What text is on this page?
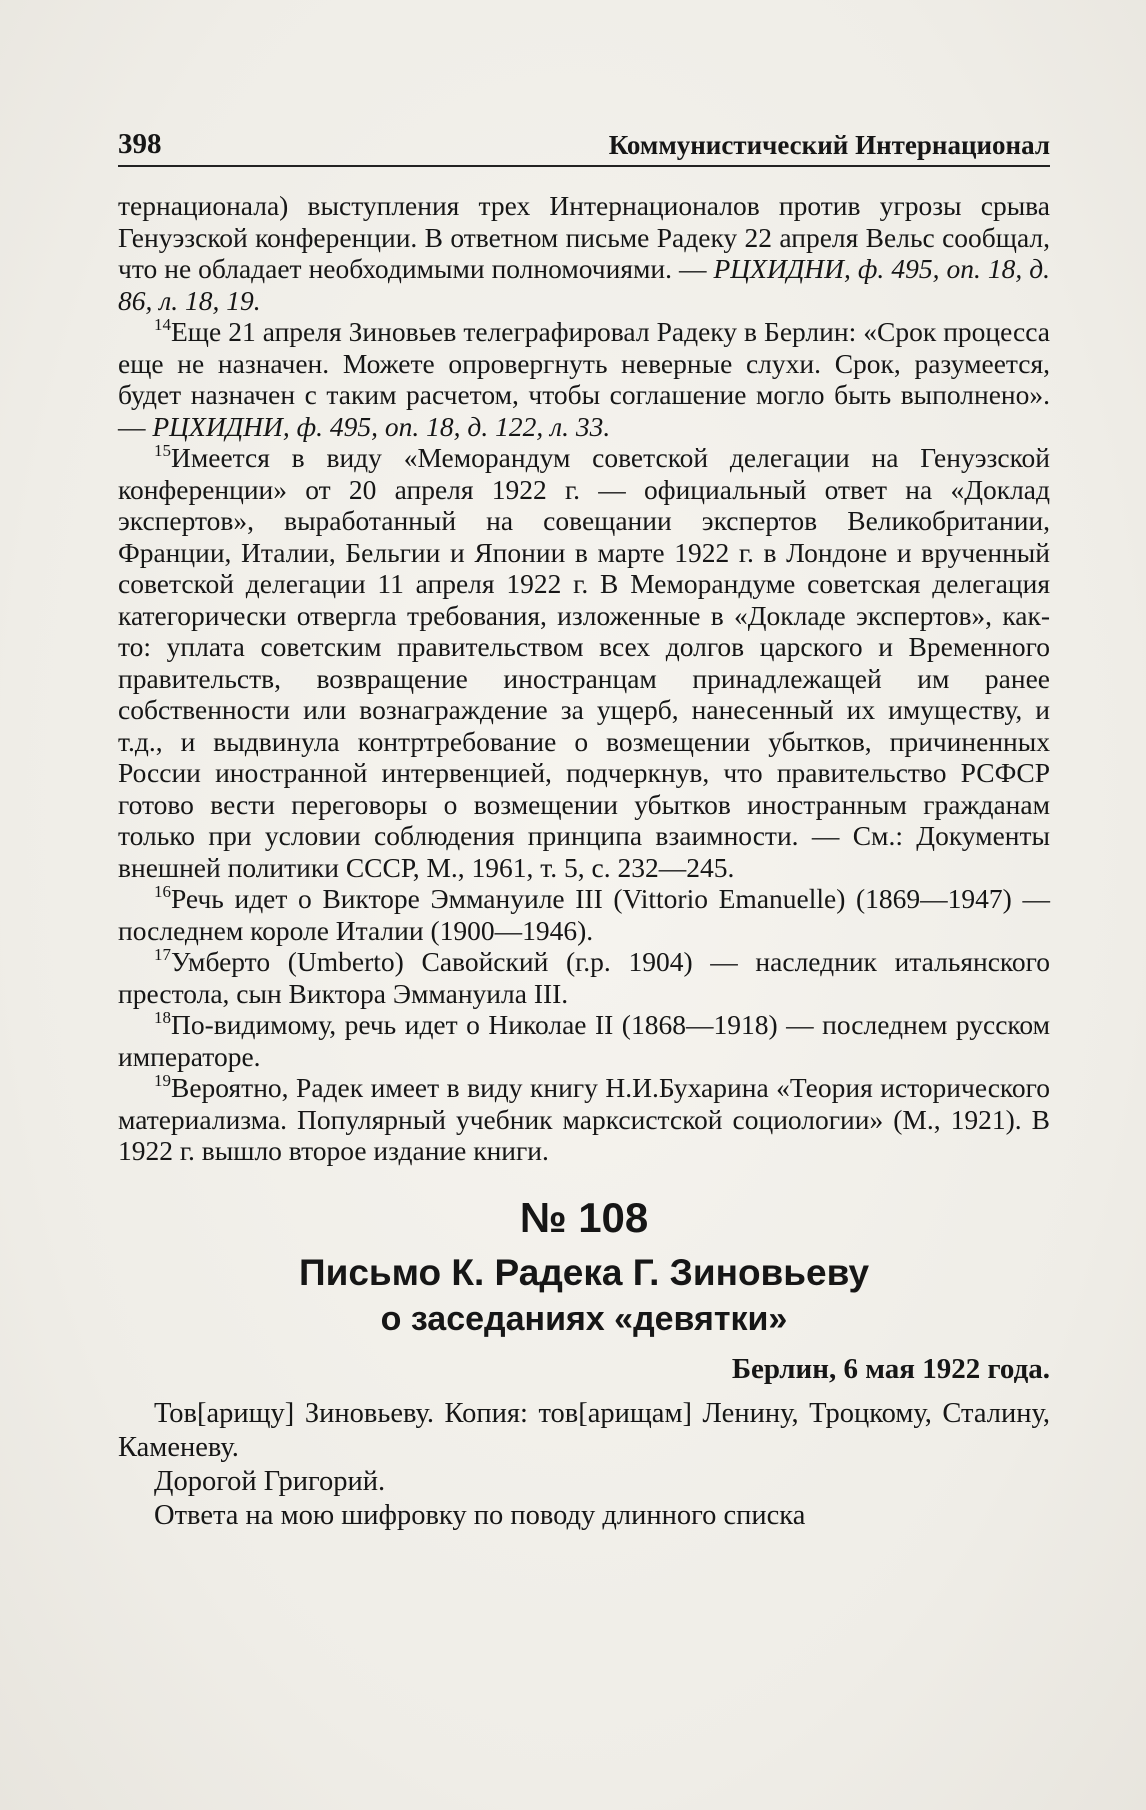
398	Коммунистический Интернационал

тернационала) выступления трех Интернационалов против угрозы срыва Генуэзской конференции. В ответном письме Радеку 22 апреля Вельс сообщал, что не обладает необходимыми полномочиями. — РЦХИДНИ, ф. 495, оп. 18, д. 86, л. 18, 19.

$^{14}$Еще 21 апреля Зиновьев телеграфировал Радеку в Берлин: «Срок процесса еще не назначен. Можете опровергнуть неверные слухи. Срок, разумеется, будет назначен с таким расчетом, чтобы соглашение могло быть выполнено». — РЦХИДНИ, ф. 495, оп. 18, д. 122, л. 33.

$^{15}$Имеется в виду «Меморандум советской делегации на Генуэзской конференции» от 20 апреля 1922 г. — официальный ответ на «Доклад экспертов», выработанный на совещании экспертов Великобритании, Франции, Италии, Бельгии и Японии в марте 1922 г. в Лондоне и врученный советской делегации 11 апреля 1922 г. В Меморандуме советская делегация категорически отвергла требования, изложенные в «Докладе экспертов», как-то: уплата советским правительством всех долгов царского и Временного правительств, возвращение иностранцам принадлежащей им ранее собственности или вознаграждение за ущерб, нанесенный их имуществу, и т.д., и выдвинула контртребование о возмещении убытков, причиненных России иностранной интервенцией, подчеркнув, что правительство РСФСР готово вести переговоры о возмещении убытков иностранным гражданам только при условии соблюдения принципа взаимности. — См.: Документы внешней политики СССР, М., 1961, т. 5, с. 232—245.

$^{16}$Речь идет о Викторе Эммануиле III (Vittorio Emanuelle) (1869—1947) — последнем короле Италии (1900—1946).

$^{17}$Умберто (Umberto) Савойский (г.р. 1904) — наследник итальянского престола, сын Виктора Эммануила III.

$^{18}$По-видимому, речь идет о Николае II (1868—1918) — последнем русском императоре.

$^{19}$Вероятно, Радек имеет в виду книгу Н.И.Бухарина «Теория исторического материализма. Популярный учебник марксистской социологии» (М., 1921). В 1922 г. вышло второе издание книги.

№ 108
Письмо К. Радека Г. Зиновьеву
о заседаниях «девятки»
Берлин, 6 мая 1922 года.

Тов[арищу] Зиновьеву. Копия: тов[арищам] Ленину, Троцкому, Сталину, Каменеву.

Дорогой Григорий.

Ответа на мою шифровку по поводу длинного списка
